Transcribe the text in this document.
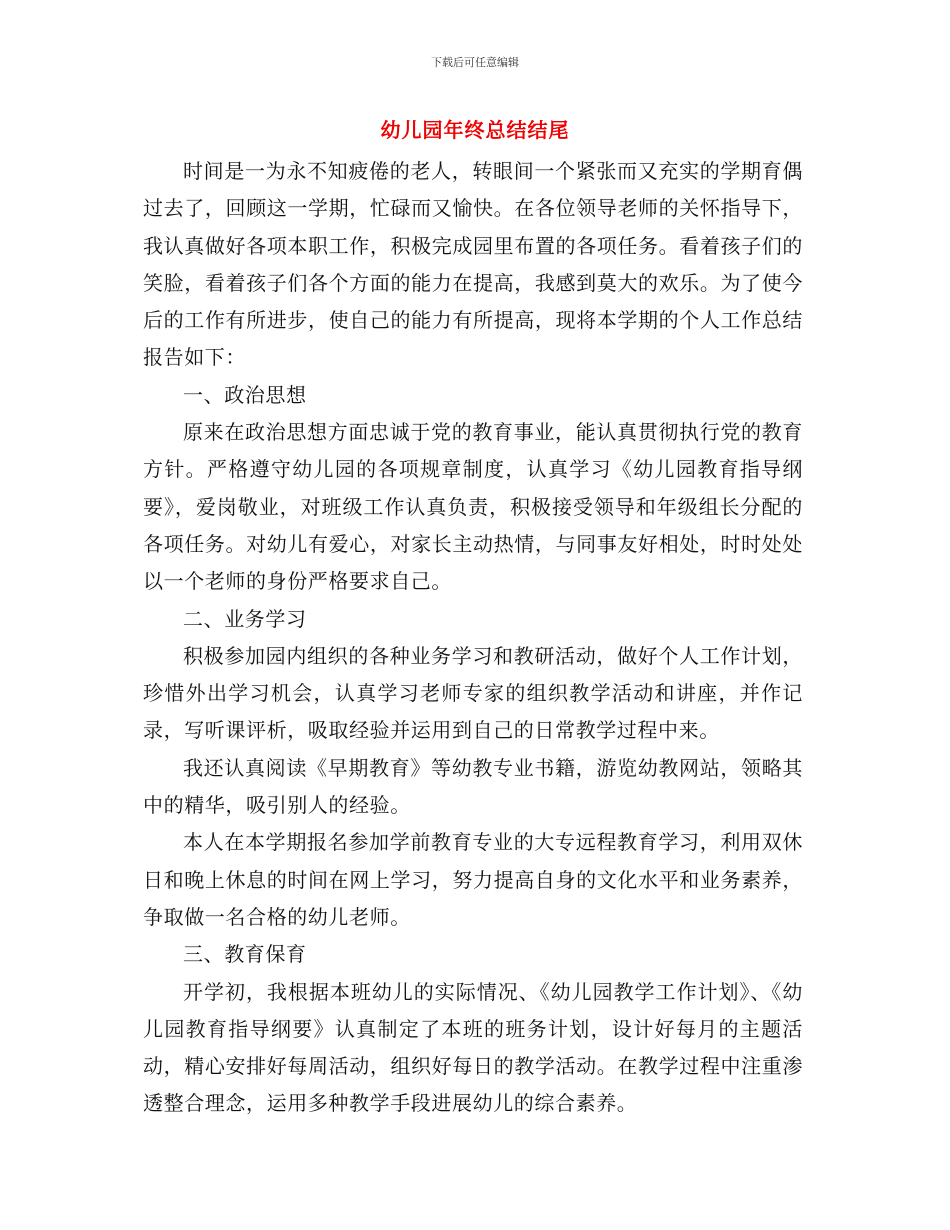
下载后可任意编辑
幼儿园年终总结结尾

时间是一为永不知疲倦的老人，转眼间一个紧张而又充实的学期育偶过去了，回顾这一学期，忙碌而又愉快。在各位领导老师的关怀指导下，我认真做好各项本职工作，积极完成园里布置的各项任务。看着孩子们的笑脸，看着孩子们各个方面的能力在提高，我感到莫大的欢乐。为了使今后的工作有所进步，使自己的能力有所提高，现将本学期的个人工作总结报告如下：

一、政治思想

原来在政治思想方面忠诚于党的教育事业，能认真贯彻执行党的教育方针。严格遵守幼儿园的各项规章制度，认真学习《幼儿园教育指导纲要》，爱岗敬业，对班级工作认真负责，积极接受领导和年级组长分配的各项任务。对幼儿有爱心，对家长主动热情，与同事友好相处，时时处处以一个老师的身份严格要求自己。

二、业务学习

积极参加园内组织的各种业务学习和教研活动，做好个人工作计划，珍惜外出学习机会，认真学习老师专家的组织教学活动和讲座，并作记录，写听课评析，吸取经验并运用到自己的日常教学过程中来。

我还认真阅读《早期教育》等幼教专业书籍，游览幼教网站，领略其中的精华，吸引别人的经验。

本人在本学期报名参加学前教育专业的大专远程教育学习，利用双休日和晚上休息的时间在网上学习，努力提高自身的文化水平和业务素养，争取做一名合格的幼儿老师。

三、教育保育

开学初，我根据本班幼儿的实际情况、《幼儿园教学工作计划》、《幼儿园教育指导纲要》认真制定了本班的班务计划，设计好每月的主题活动，精心安排好每周活动，组织好每日的教学活动。在教学过程中注重渗透整合理念，运用多种教学手段进展幼儿的综合素养。
